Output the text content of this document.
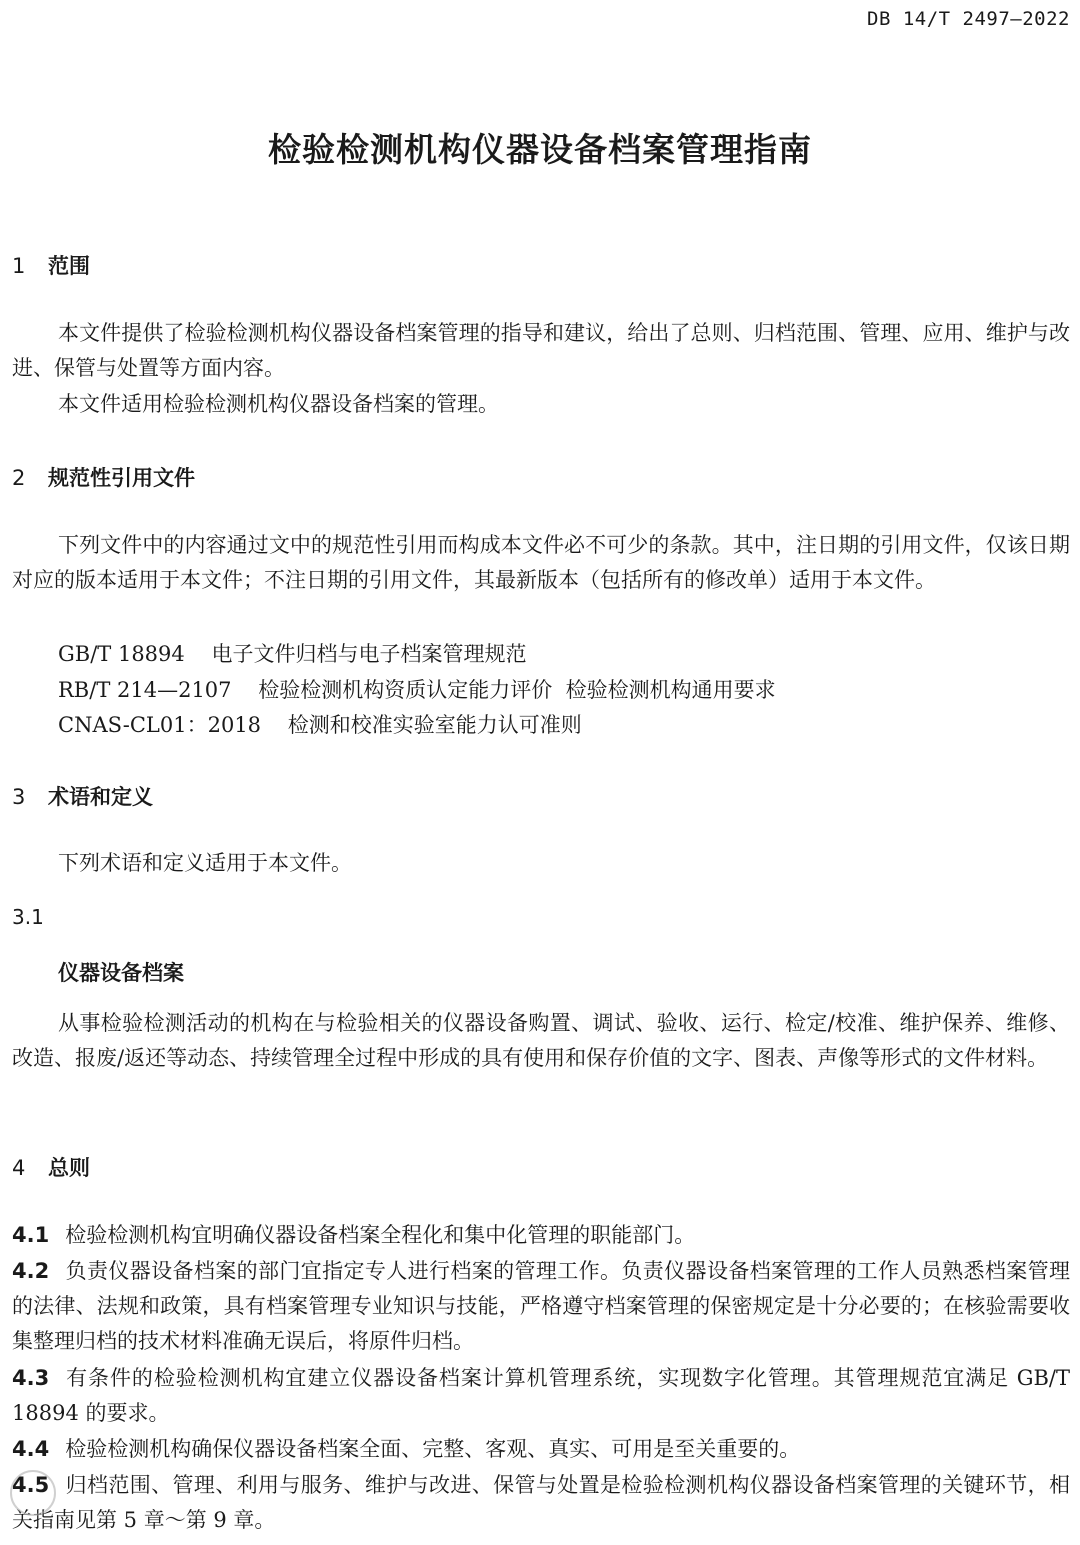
DB 14/T 2497—2022
检验检测机构仪器设备档案管理指南
1 范围

本文件提供了检验检测机构仪器设备档案管理的指导和建议，给出了总则、归档范围、管理、应用、维护与改进、保管与处置等方面内容。

本文件适用检验检测机构仪器设备档案的管理。

2 规范性引用文件

下列文件中的内容通过文中的规范性引用而构成本文件必不可少的条款。其中，注日期的引用文件，仅该日期对应的版本适用于本文件；不注日期的引用文件，其最新版本（包括所有的修改单）适用于本文件。

GB/T 18894 电子文件归档与电子档案管理规范
RB/T 214—2107 检验检测机构资质认定能力评价  检验检测机构通用要求
CNAS-CL01：2018 检测和校准实验室能力认可准则
3 术语和定义

下列术语和定义适用于本文件。

3.1
仪器设备档案

从事检验检测活动的机构在与检验相关的仪器设备购置、调试、验收、运行、检定/校准、维护保养、维修、改造、报废/返还等动态、持续管理全过程中形成的具有使用和保存价值的文字、图表、声像等形式的文件材料。

4 总则

4.1 检验检测机构宜明确仪器设备档案全程化和集中化管理的职能部门。

4.2 负责仪器设备档案的部门宜指定专人进行档案的管理工作。负责仪器设备档案管理的工作人员熟悉档案管理的法律、法规和政策，具有档案管理专业知识与技能，严格遵守档案管理的保密规定是十分必要的；在核验需要收集整理归档的技术材料准确无误后，将原件归档。

4.3 有条件的检验检测机构宜建立仪器设备档案计算机管理系统，实现数字化管理。其管理规范宜满足 GB/T 18894 的要求。

4.4 检验检测机构确保仪器设备档案全面、完整、客观、真实、可用是至关重要的。

4.5 归档范围、管理、利用与服务、维护与改进、保管与处置是检验检测机构仪器设备档案管理的关键环节，相关指南见第 5 章～第 9 章。
